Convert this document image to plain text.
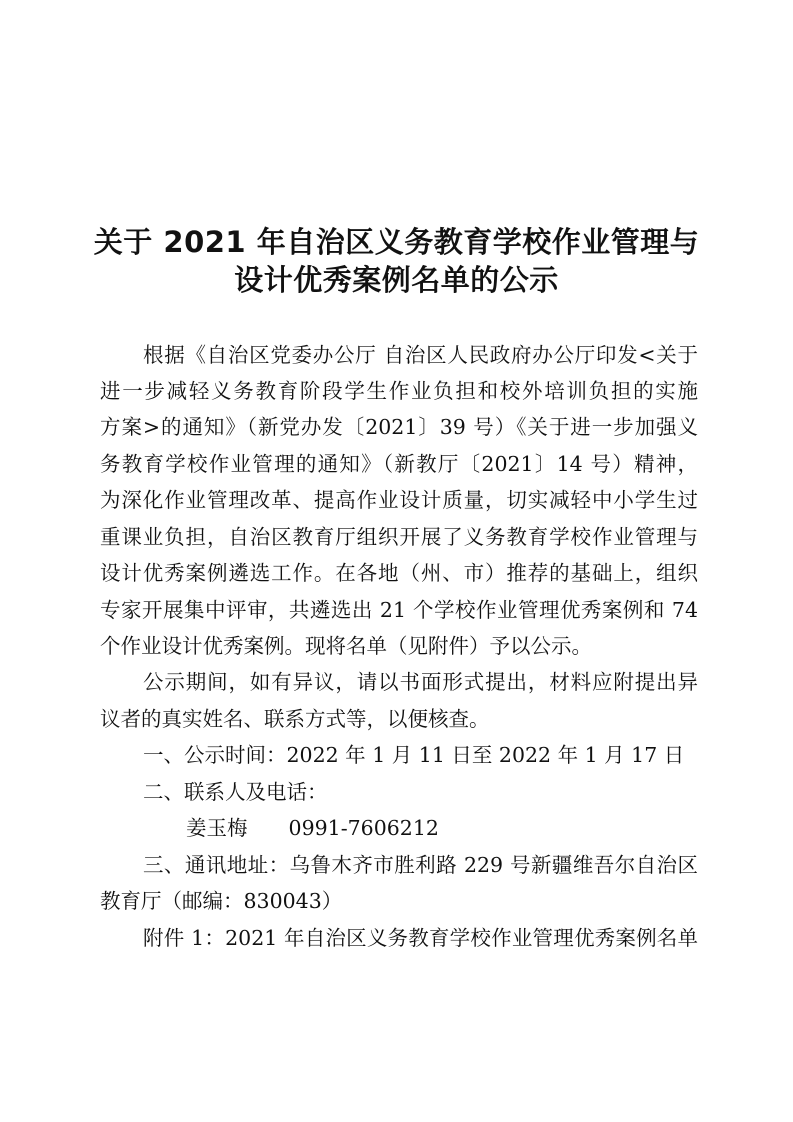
关于 2021 年自治区义务教育学校作业管理与
设计优秀案例名单的公示
根据《自治区党委办公厅 自治区人民政府办公厅印发<关于
进一步减轻义务教育阶段学生作业负担和校外培训负担的实施
方案>的通知》（新党办发〔2021〕39 号）《关于进一步加强义
务教育学校作业管理的通知》（新教厅〔2021〕14 号）精神，
为深化作业管理改革、提高作业设计质量，切实减轻中小学生过
重课业负担，自治区教育厅组织开展了义务教育学校作业管理与
设计优秀案例遴选工作。在各地（州、市）推荐的基础上，组织
专家开展集中评审，共遴选出 21 个学校作业管理优秀案例和 74
个作业设计优秀案例。现将名单（见附件）予以公示。
公示期间，如有异议，请以书面形式提出，材料应附提出异
议者的真实姓名、联系方式等，以便核查。
一、公示时间：2022 年 1 月 11 日至 2022 年 1 月 17 日
二、联系人及电话：
姜玉梅 0991-7606212
三、通讯地址：乌鲁木齐市胜利路 229 号新疆维吾尔自治区
教育厅（邮编：830043）
附件 1：2021 年自治区义务教育学校作业管理优秀案例名单
